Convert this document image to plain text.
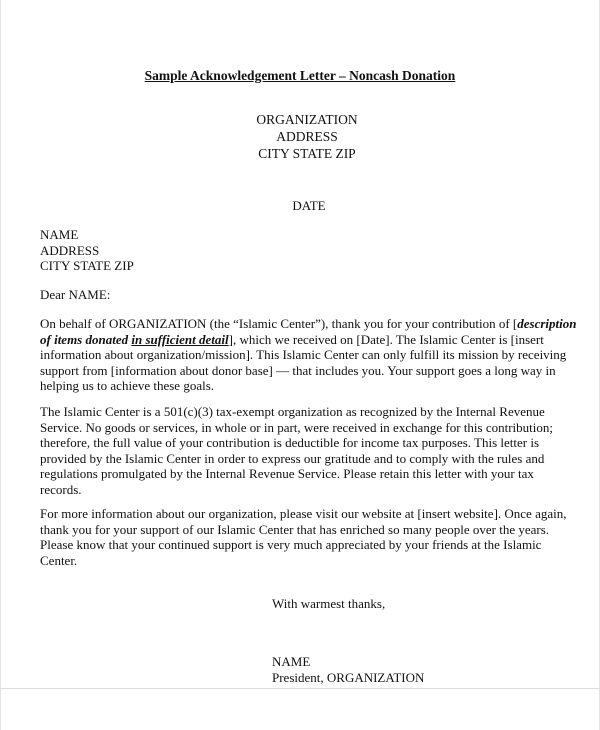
Sample Acknowledgement Letter – Noncash Donation
ORGANIZATION
ADDRESS
CITY STATE ZIP
DATE
NAME
ADDRESS
CITY STATE ZIP
Dear NAME:
On behalf of ORGANIZATION (the “Islamic Center”), thank you for your contribution of [description
of items donated in sufficient detail], which we received on [Date]. The Islamic Center is [insert
information about organization/mission]. This Islamic Center can only fulfill its mission by receiving
support from [information about donor base] — that includes you. Your support goes a long way in
helping us to achieve these goals.
The Islamic Center is a 501(c)(3) tax-exempt organization as recognized by the Internal Revenue
Service. No goods or services, in whole or in part, were received in exchange for this contribution;
therefore, the full value of your contribution is deductible for income tax purposes. This letter is
provided by the Islamic Center in order to express our gratitude and to comply with the rules and
regulations promulgated by the Internal Revenue Service. Please retain this letter with your tax
records.
For more information about our organization, please visit our website at [insert website]. Once again,
thank you for your support of our Islamic Center that has enriched so many people over the years.
Please know that your continued support is very much appreciated by your friends at the Islamic
Center.
With warmest thanks,
NAME
President, ORGANIZATION
